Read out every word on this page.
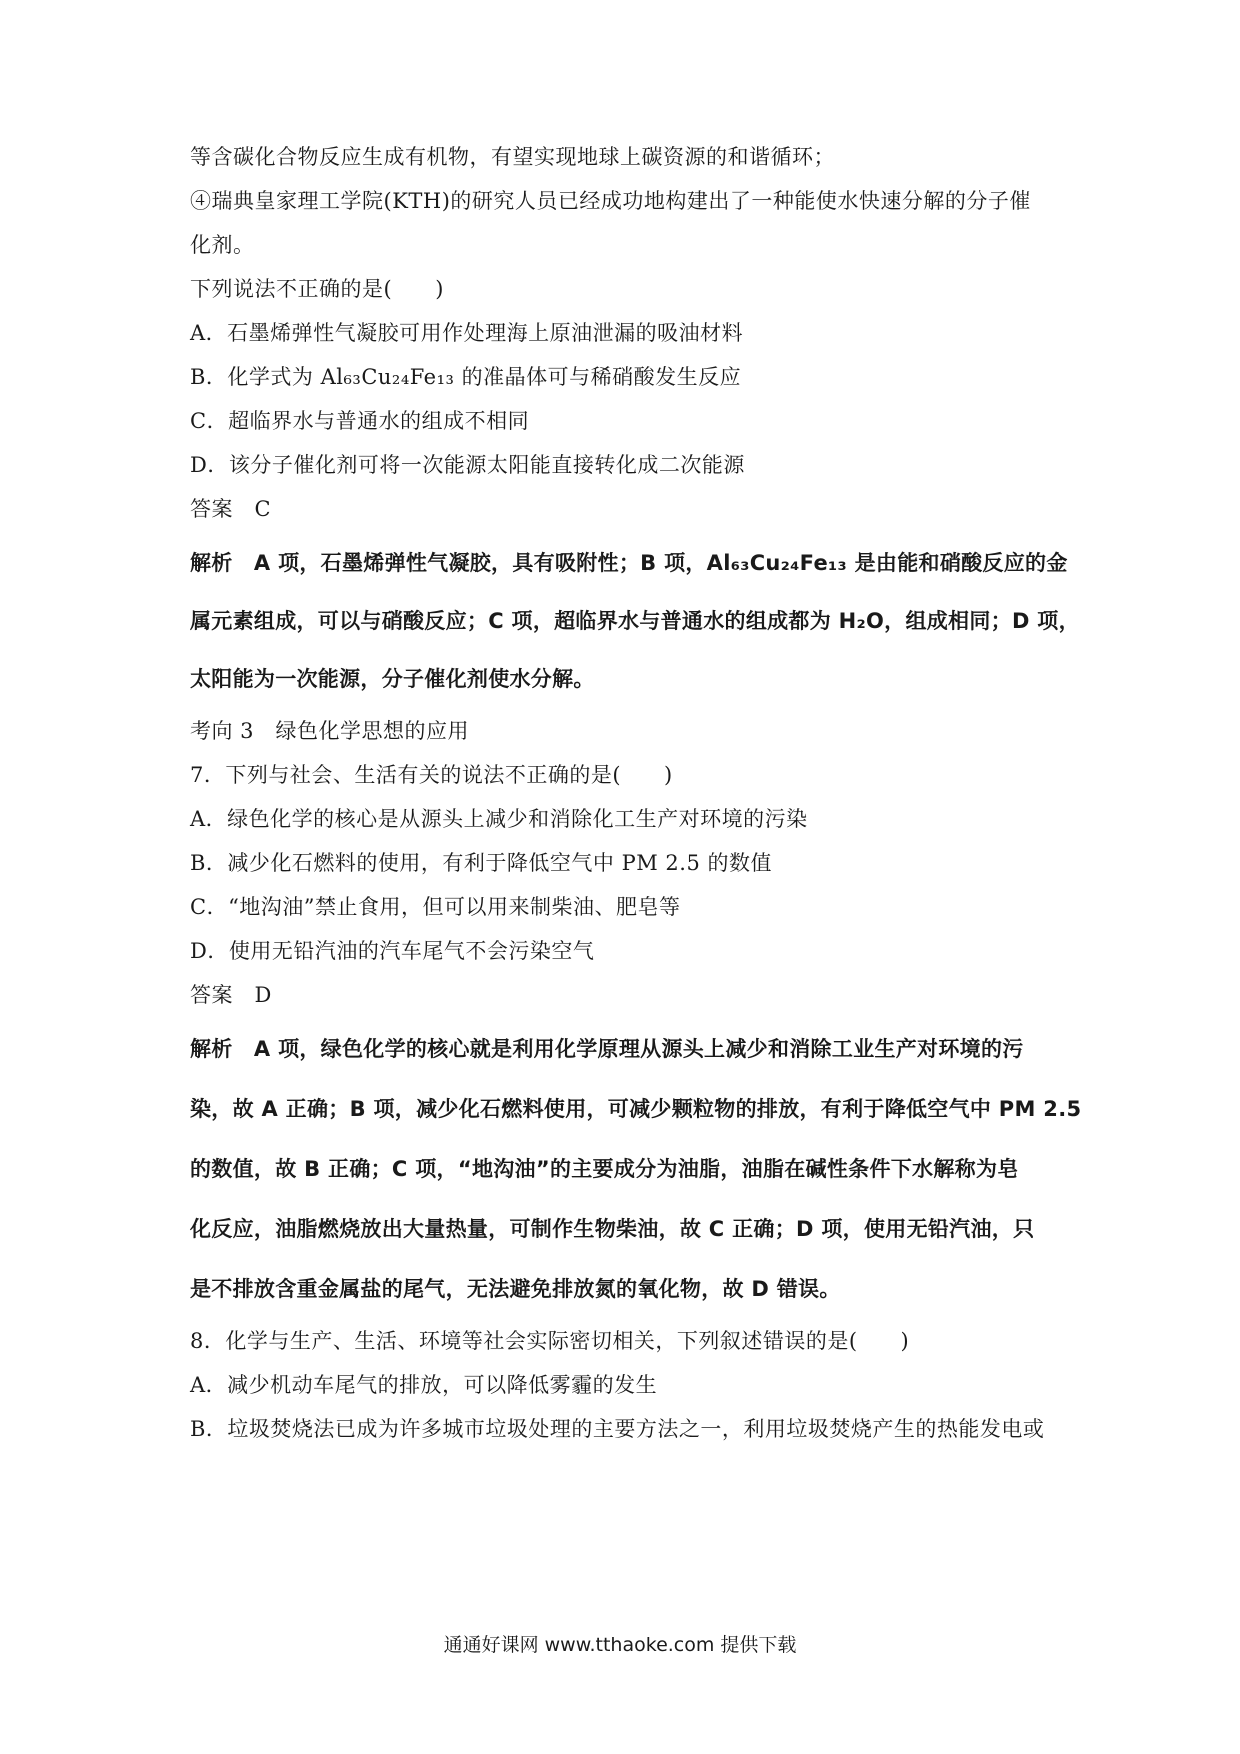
等含碳化合物反应生成有机物，有望实现地球上碳资源的和谐循环；
④瑞典皇家理工学院(KTH)的研究人员已经成功地构建出了一种能使水快速分解的分子催
化剂。
下列说法不正确的是(　　)
A．石墨烯弹性气凝胶可用作处理海上原油泄漏的吸油材料
B．化学式为 Al₆₃Cu₂₄Fe₁₃ 的准晶体可与稀硝酸发生反应
C．超临界水与普通水的组成不相同
D．该分子催化剂可将一次能源太阳能直接转化成二次能源
答案　C
解析　A 项，石墨烯弹性气凝胶，具有吸附性；B 项，Al₆₃Cu₂₄Fe₁₃ 是由能和硝酸反应的金
属元素组成，可以与硝酸反应；C 项，超临界水与普通水的组成都为 H₂O，组成相同；D 项，
太阳能为一次能源，分子催化剂使水分解。
考向 3　绿色化学思想的应用
7．下列与社会、生活有关的说法不正确的是(　　)
A．绿色化学的核心是从源头上减少和消除化工生产对环境的污染
B．减少化石燃料的使用，有利于降低空气中 PM 2.5 的数值
C．“地沟油”禁止食用，但可以用来制柴油、肥皂等
D．使用无铅汽油的汽车尾气不会污染空气
答案　D
解析　A 项，绿色化学的核心就是利用化学原理从源头上减少和消除工业生产对环境的污
染，故 A 正确；B 项，减少化石燃料使用，可减少颗粒物的排放，有利于降低空气中 PM 2.5
的数值，故 B 正确；C 项，“地沟油”的主要成分为油脂，油脂在碱性条件下水解称为皂
化反应，油脂燃烧放出大量热量，可制作生物柴油，故 C 正确；D 项，使用无铅汽油，只
是不排放含重金属盐的尾气，无法避免排放氮的氧化物，故 D 错误。
8．化学与生产、生活、环境等社会实际密切相关，下列叙述错误的是(　　)
A．减少机动车尾气的排放，可以降低雾霾的发生
B．垃圾焚烧法已成为许多城市垃圾处理的主要方法之一，利用垃圾焚烧产生的热能发电或
通通好课网 www.tthaoke.com 提供下载
